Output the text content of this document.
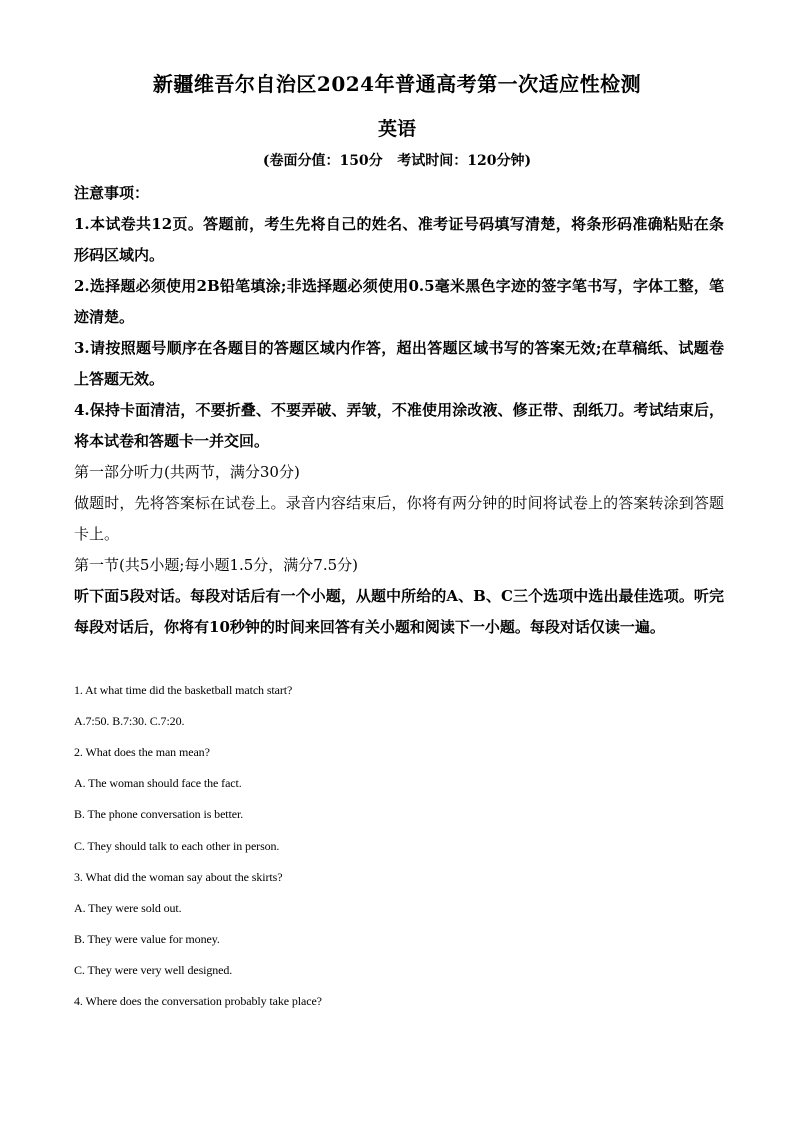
新疆维吾尔自治区2024年普通高考第一次适应性检测
英语
(卷面分值：150分   考试时间：120分钟)
注意事项：
1.本试卷共12页。答题前，考生先将自己的姓名、准考证号码填写清楚，将条形码准确粘贴在条形码区域内。
2.选择题必须使用2B铅笔填涂;非选择题必须使用0.5毫米黑色字迹的签字笔书写，字体工整，笔迹清楚。
3.请按照题号顺序在各题目的答题区域内作答，超出答题区域书写的答案无效;在草稿纸、试题卷上答题无效。
4.保持卡面清洁，不要折叠、不要弄破、弄皱，不准使用涂改液、修正带、刮纸刀。考试结束后，将本试卷和答题卡一并交回。
第一部分听力(共两节，满分30分)
做题时，先将答案标在试卷上。录音内容结束后，你将有两分钟的时间将试卷上的答案转涂到答题卡上。
第一节(共5小题;每小题1.5分，满分7.5分)
听下面5段对话。每段对话后有一个小题，从题中所给的A、B、C三个选项中选出最佳选项。听完每段对话后，你将有10秒钟的时间来回答有关小题和阅读下一小题。每段对话仅读一遍。
1. At what time did the basketball match start?
A.7:50. B.7:30. C.7:20.
2. What does the man mean?
A. The woman should face the fact.
B. The phone conversation is better.
C. They should talk to each other in person.
3. What did the woman say about the skirts?
A. They were sold out.
B. They were value for money.
C. They were very well designed.
4. Where does the conversation probably take place?
